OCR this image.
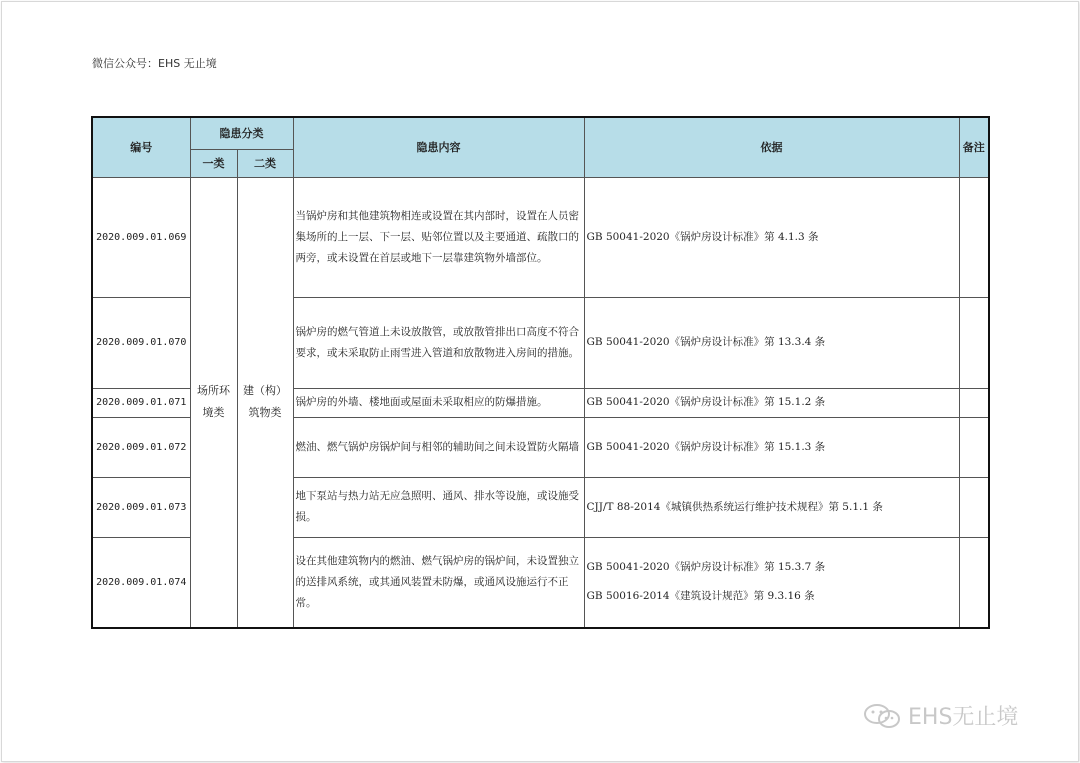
微信公众号：EHS 无止境
编号	隐患分类		隐患内容	依据	备注
	一类	二类			
2020.009.01.069	场所环境类	建（构）筑物类	当锅炉房和其他建筑物相连或设置在其内部时，设置在人员密集场所的上一层、下一层、贴邻位置以及主要通道、疏散口的两旁，或未设置在首层或地下一层靠建筑物外墙部位。	GB 50041-2020《锅炉房设计标准》第 4.1.3 条	

2020.009.01.070			锅炉房的燃气管道上未设放散管，或放散管排出口高度不符合要求，或未采取防止雨雪进入管道和放散物进入房间的措施。	GB 50041-2020《锅炉房设计标准》第 13.3.4 条	

2020.009.01.071			锅炉房的外墙、楼地面或屋面未采取相应的防爆措施。	GB 50041-2020《锅炉房设计标准》第 15.1.2 条	

2020.009.01.072			燃油、燃气锅炉房锅炉间与相邻的辅助间之间未设置防火隔墙	GB 50041-2020《锅炉房设计标准》第 15.1.3 条	

2020.009.01.073			地下泵站与热力站无应急照明、通风、排水等设施，或设施受损。	CJJ/T 88-2014《城镇供热系统运行维护技术规程》第 5.1.1 条	

2020.009.01.074			设在其他建筑物内的燃油、燃气锅炉房的锅炉间，未设置独立的送排风系统，或其通风装置未防爆，或通风设施运行不正常。	GB 50041-2020《锅炉房设计标准》第 15.3.7 条
GB 50016-2014《建筑设计规范》第 9.3.16 条	

EHS无止境
